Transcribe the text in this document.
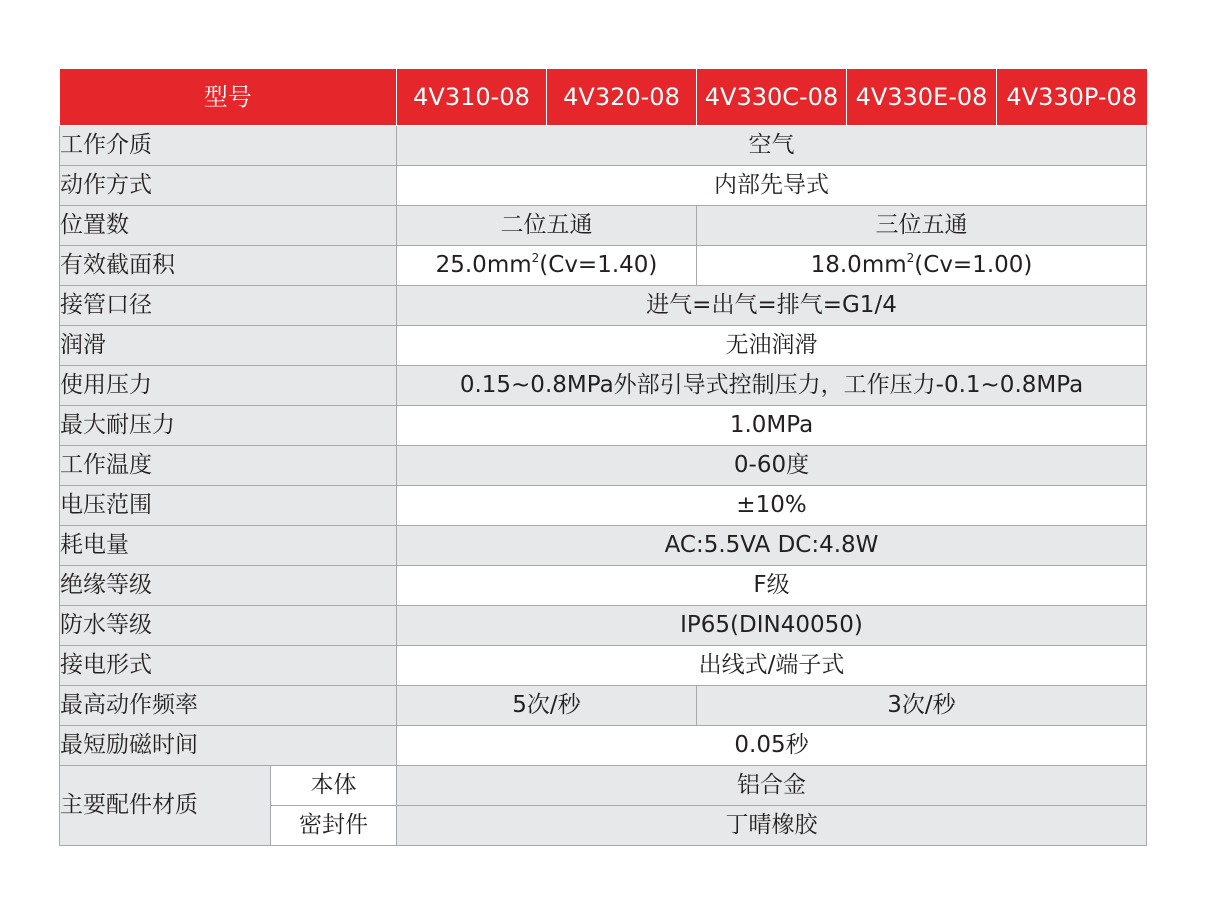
型号		4V310-08	4V320-08	4V330C-08	4V330E-08	4V330P-08
工作介质		空气				
动作方式		内部先导式				
位置数		二位五通		三位五通		
有效截面积		$25.0mm^2(Cv=1.40)$		$18.0mm^2(Cv=1.00)$		
接管口径		进气=出气=排气=G1/4				
润滑		无油润滑				
使用压力		0.15~0.8MPa外部引导式控制压力，工作压力-0.1~0.8MPa				
最大耐压力		1.0MPa				
工作温度		0-60度				
电压范围		±10%				
耗电量		AC:5.5VA DC:4.8W				
绝缘等级		F级				
防水等级		IP65(DIN40050)				
接电形式		出线式/端子式				
最高动作频率		5次/秒		3次/秒		
最短励磁时间		0.05秒				
主要配件材质	本体	铝合金				
	密封件	丁晴橡胶				
